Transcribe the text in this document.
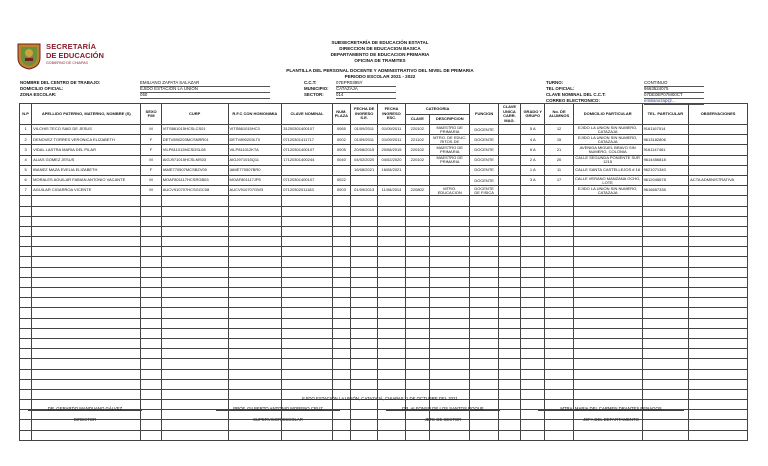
SECRETARÍA
DE EDUCACIÓN
GOBIERNO DE CHIAPAS
SUBSECRETARÍA DE EDUCACIÓN ESTATAL
DIRECCION DE EDUCACION BASICA
DEPARTAMENTO DE EDUCACION PRIMARIA
OFICINA DE TRAMITES
PLANTILLA DEL PERSONAL DOCENTE Y ADMINISTRATIVO DEL NIVEL DE PRIMARIA
PERIODO ESCOLAR 2021 - 2022
NOMBRE DEL CENTRO DE TRABAJO:	EMILIANO ZAPATA SALAZAR
DOMICILIO OFICIAL:	EJIDO ESTACION LA UNION
ZONA ESCOLAR:	050
C.C.T:	07EPR0395Y
MUNICIPIO: CATAZAJA
SECTOR:	014
TURNO:	CONTINUO
TEL OFICIAL:	9663524075
CLAVE NOMINAL DEL C.C.T:	07DE0EP07M00CT
CORREO ELECTRONICO:	emilianozap@...
N.P	APELLIDO PATERNO, MATERNO, NOMBRE (S)	SEXO F/M	CURP	R.F.C CON HOMONIMIA	CLAVE NOMINAL	NUM. PLAZA	FECHA DE INGRESO S.E.	FECHA INGRESO ESC.	CATEGORIA		FUNCION	CLAVE UNICA CARR. MAG.	GRADO Y GRUPO	No. DE ALUMNOS	DOMICILIO PARTICULAR	TEL. PARTICULAR	OBSERVACIONES
									CLAVE	DESCRIPCION							
1	VILCHIS TECO SAID DE JESUS	M	VITS861015HCSLCS01	VITS861015HC3	31200301400107	0065	01/09/2011	01/09/2011	220102	MAESTRO DE PRIMARIA	DOCENTE		5 A	12	EJIDO LA UNION SIN NUMERO, CATAZAJA	9161167514	
2	DENOVEZ TORRES VERONICA ELIZABETH	F	DETV890203MCSNRR01	DETV890203LT0	07120301411717	0002	01/09/2011	01/09/2011	221102	MTRO. DE EDUC. RITOS DE	DOCENTE		4 A	15	EJIDO LA UNION SIN NUMERO, CATAZAJA	9613182806	
3	VIDAL LASTRA MARIA DEL PILAR	F	VILP811012MCSDSL08	VILP811012KTA	07120301400107	0005	20/08/2015	20/08/2015	220102	MAESTRO DE PRIMARIA	DOCENTE		6 A	21	AVENIDA MIGUEL BRAVO SIN NUMERO, COLONIA	9161147461	
4	ALIAS GOMEZ JESUS	M	AIGJ971015HCSLMS03	AIGJ971015Q11	17120301400244	0040	04/02/2020	04/02/2020	220102	MAESTRO DE PRIMARIA	DOCENTE		2 A	20	CALLE SEGUNDA PONIENTE SUR 1215	9614456818	
5	IBANEZ MAZA EVELIA ELIZABETH	F	IAME770507MCSBZV00	IAME770507BR0			16/08/2021	16/08/2021			DOCENTE		1 A	11	CALLE SANTA CASTELLEJOS # 16	9621071340	
6	MORALES AGUILAR FABIAN ANTONIO VACANTE	M	MOAF801117HCSRGB03	MOAF801117JP5	07120301400107	0022					DOCENTE		3 A	17	CALLE VERANO MANZANA OCHO, LOTE	9612045678	ACTA ADMINISTRATIVA
7	AGUILAR CIGARROA VICENTE	M	AUCV910707HCSGGC08	AUCV910707GW3	07120302011183	0003	01/09/2013	11/08/2014	220802	MTRO. EDUCACION	DOCENTE DE FISICA				EJIDO LA UNION SIN NUMERO, CATAZAJA	9616657335	

EJIDO ESTACIÓN LA UNIÓN, CATAZAJÁ, CHIAPAS; 1 DE OCTUBRE DEL 2021
DR. GERARDO MANDUANO GÁLVEZ
DIRECTOR
PROF. GILBERTO ANTONIO MORENO CRUZ
SUPERVISOR ESCOLAR
DR. ALFONSO DE LOS SANTOS ROQUE
JEFE DE SECTOR
MTRA. MARIA DEL CARMEN DRANTES PENAGOS
JEFA DEL DEPARTAMENTO
